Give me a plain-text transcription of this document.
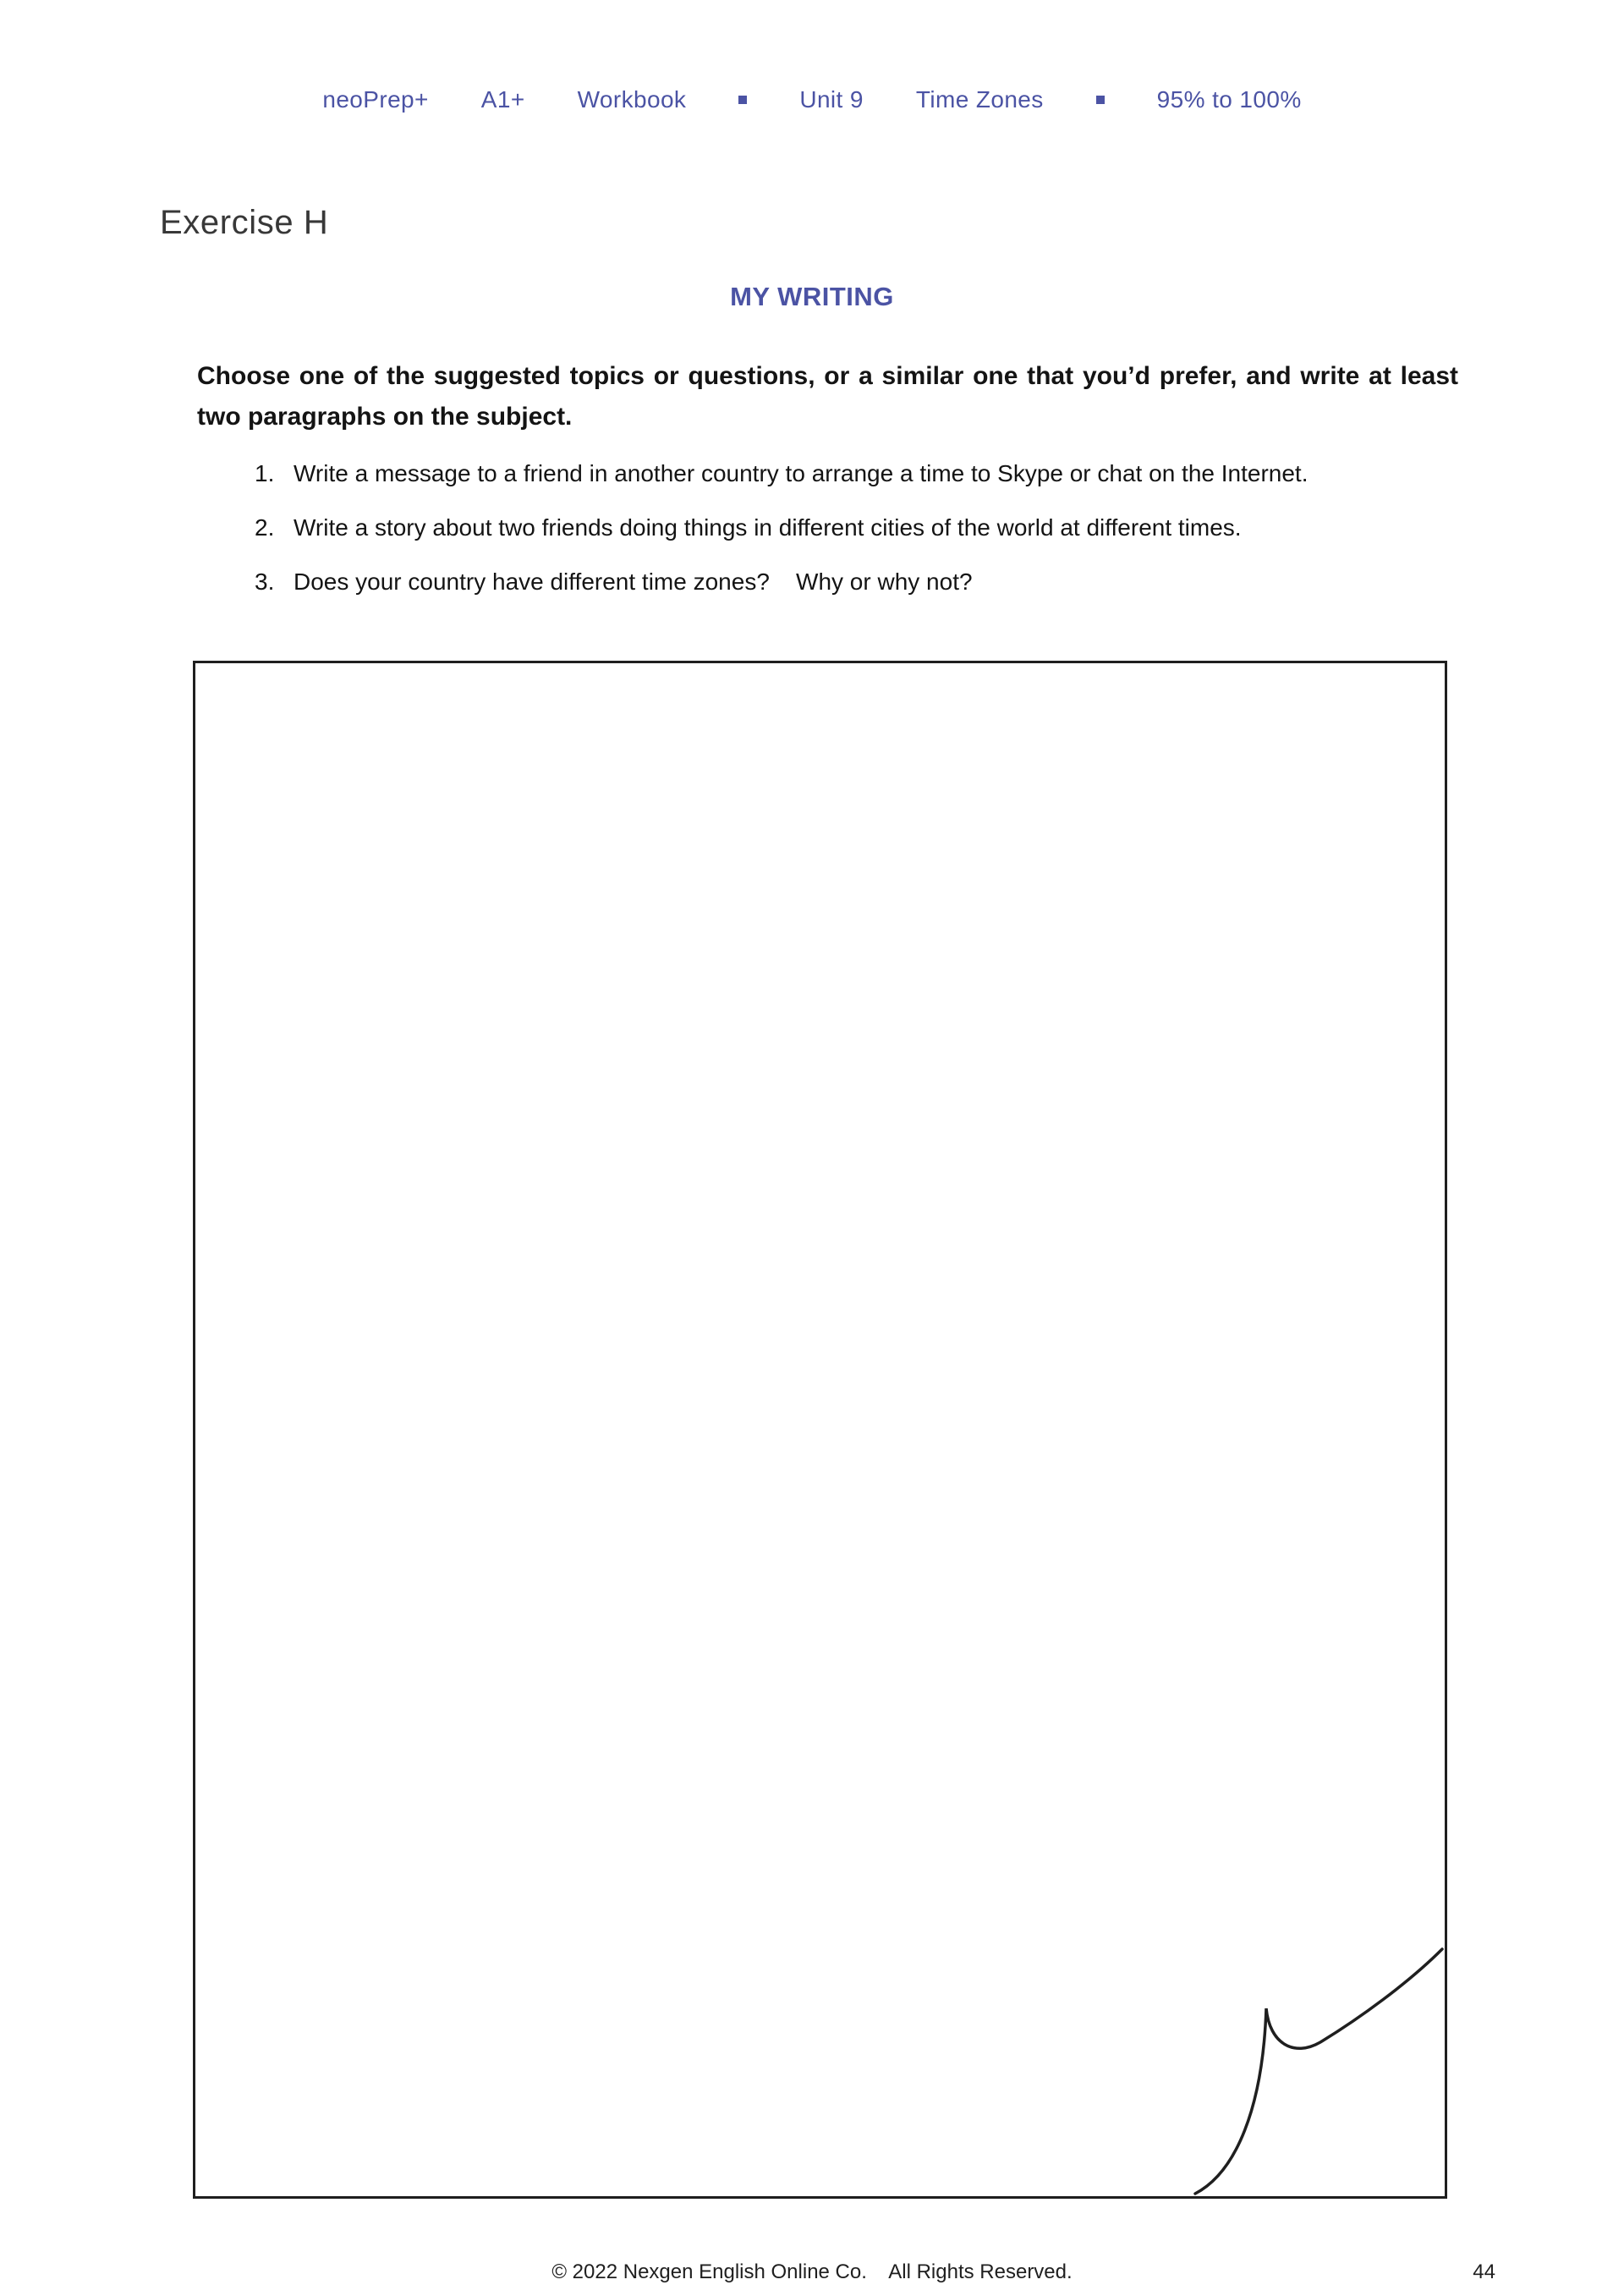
neoPrep+ A1+ Workbook	Unit 9 Time Zones	95% to 100%
Exercise H
MY WRITING
Choose one of the suggested topics or questions, or a similar one that you’d prefer, and write at least two paragraphs on the subject.
1. Write a message to a friend in another country to arrange a time to Skype or chat on the Internet.
2. Write a story about two friends doing things in different cities of the world at different times.
3. Does your country have different time zones?    Why or why not?
© 2022 Nexgen English Online Co.    All Rights Reserved.	44
